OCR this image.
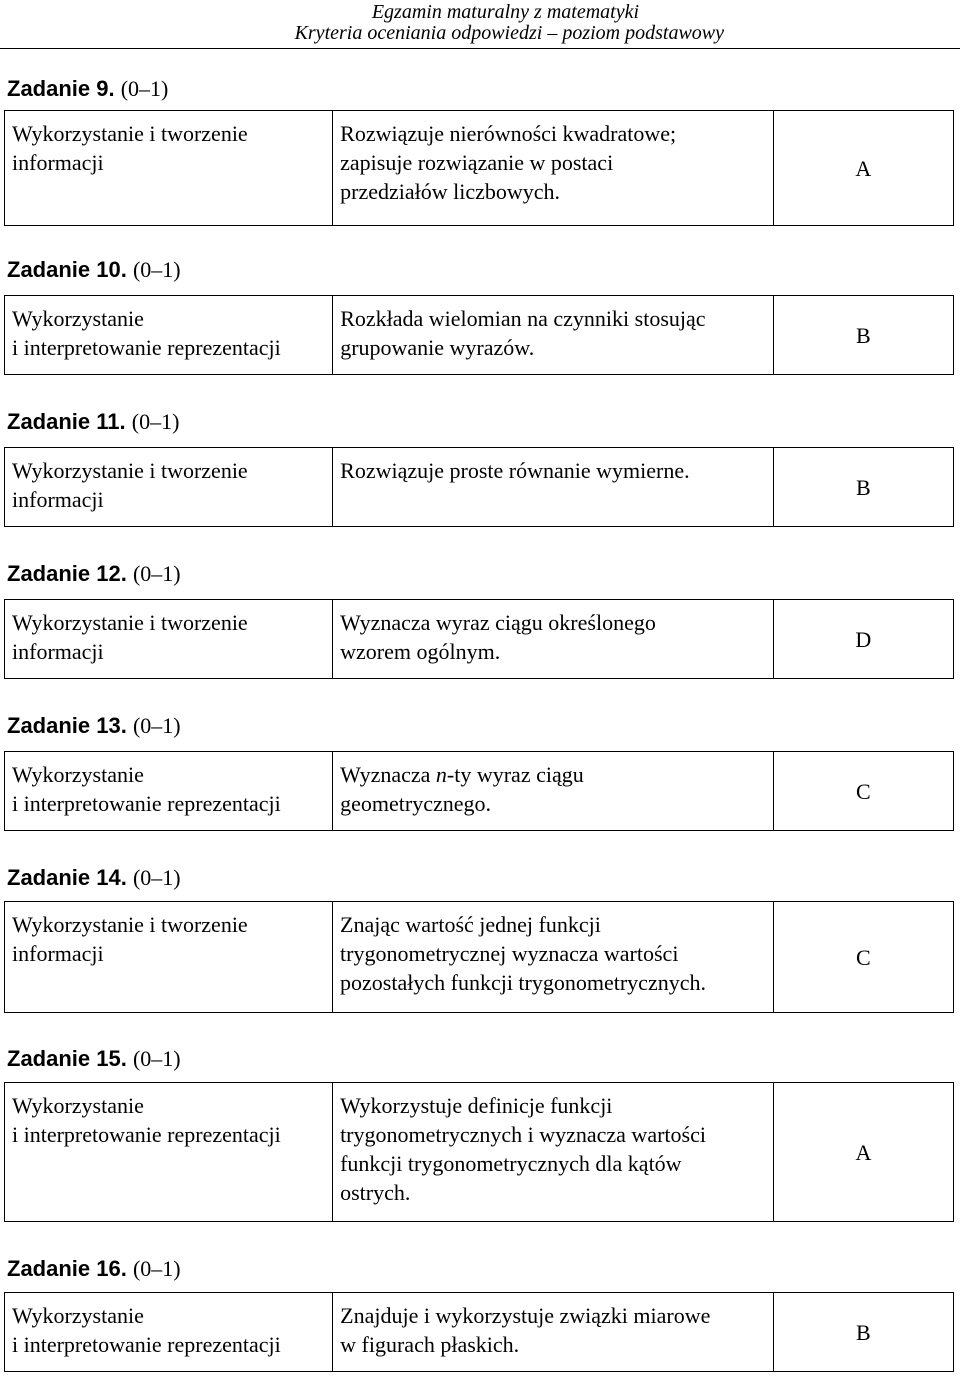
Egzamin maturalny z matematyki
Kryteria oceniania odpowiedzi – poziom podstawowy
Zadanie 9. (0–1)
Wykorzystanie i tworzenie
informacji

Rozwiązuje nierówności kwadratowe;
zapisuje rozwiązanie w postaci
przedziałów liczbowych.
	A
Zadanie 10. (0–1)
Wykorzystanie
i interpretowanie reprezentacji

Rozkłada wielomian na czynniki stosując
grupowanie wyrazów.	B
Zadanie 11. (0–1)
Wykorzystanie i tworzenie
informacji

Rozwiązuje proste równanie wymierne.
	B
Zadanie 12. (0–1)
Wykorzystanie i tworzenie
informacji

Wyznacza wyraz ciągu określonego
wzorem ogólnym.	D
Zadanie 13. (0–1)
Wykorzystanie
i interpretowanie reprezentacji

Wyznacza n-ty wyraz ciągu
geometrycznego.	C
Zadanie 14. (0–1)
Wykorzystanie i tworzenie
informacji

Znając wartość jednej funkcji
trygonometrycznej wyznacza wartości
pozostałych funkcji trygonometrycznych.
	C
Zadanie 15. (0–1)
Wykorzystanie
i interpretowanie reprezentacji

Wykorzystuje definicje funkcji
trygonometrycznych i wyznacza wartości
funkcji trygonometrycznych dla kątów
ostrych.
	A
Zadanie 16. (0–1)
Wykorzystanie
i interpretowanie reprezentacji

Znajduje i wykorzystuje związki miarowe
w figurach płaskich.	B
